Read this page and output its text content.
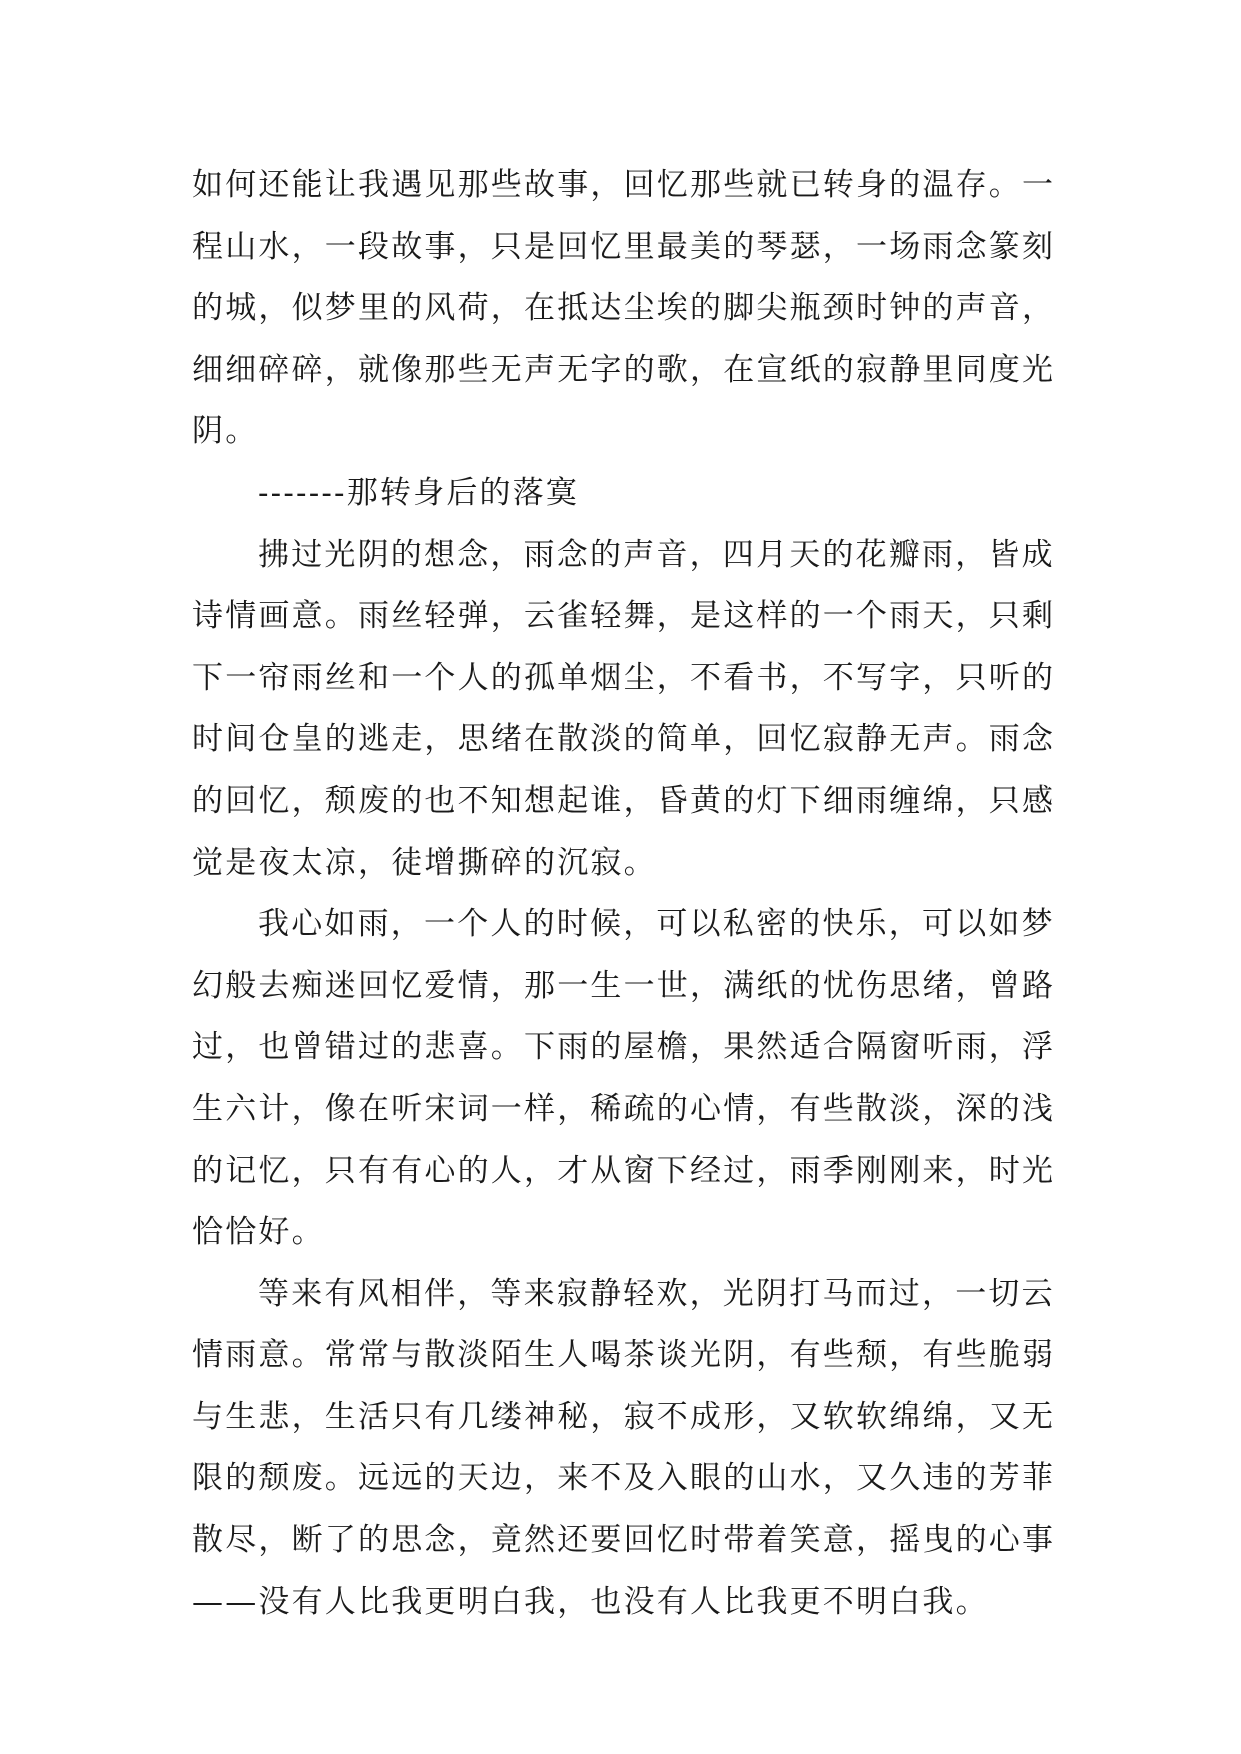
如何还能让我遇见那些故事，回忆那些就已转身的温存。一
程山水，一段故事，只是回忆里最美的琴瑟，一场雨念篆刻
的城，似梦里的风荷，在抵达尘埃的脚尖瓶颈时钟的声音，
细细碎碎，就像那些无声无字的歌，在宣纸的寂静里同度光
阴。
-------那转身后的落寞
拂过光阴的想念，雨念的声音，四月天的花瓣雨，皆成
诗情画意。雨丝轻弹，云雀轻舞，是这样的一个雨天，只剩
下一帘雨丝和一个人的孤单烟尘，不看书，不写字，只听的
时间仓皇的逃走，思绪在散淡的简单，回忆寂静无声。雨念
的回忆，颓废的也不知想起谁，昏黄的灯下细雨缠绵，只感
觉是夜太凉，徒增撕碎的沉寂。
我心如雨，一个人的时候，可以私密的快乐，可以如梦
幻般去痴迷回忆爱情，那一生一世，满纸的忧伤思绪，曾路
过，也曾错过的悲喜。下雨的屋檐，果然适合隔窗听雨，浮
生六计，像在听宋词一样，稀疏的心情，有些散淡，深的浅
的记忆，只有有心的人，才从窗下经过，雨季刚刚来，时光
恰恰好。
等来有风相伴，等来寂静轻欢，光阴打马而过，一切云
情雨意。常常与散淡陌生人喝茶谈光阴，有些颓，有些脆弱
与生悲，生活只有几缕神秘，寂不成形，又软软绵绵，又无
限的颓废。远远的天边，来不及入眼的山水，又久违的芳菲
散尽，断了的思念，竟然还要回忆时带着笑意，摇曳的心事
——没有人比我更明白我，也没有人比我更不明白我。
